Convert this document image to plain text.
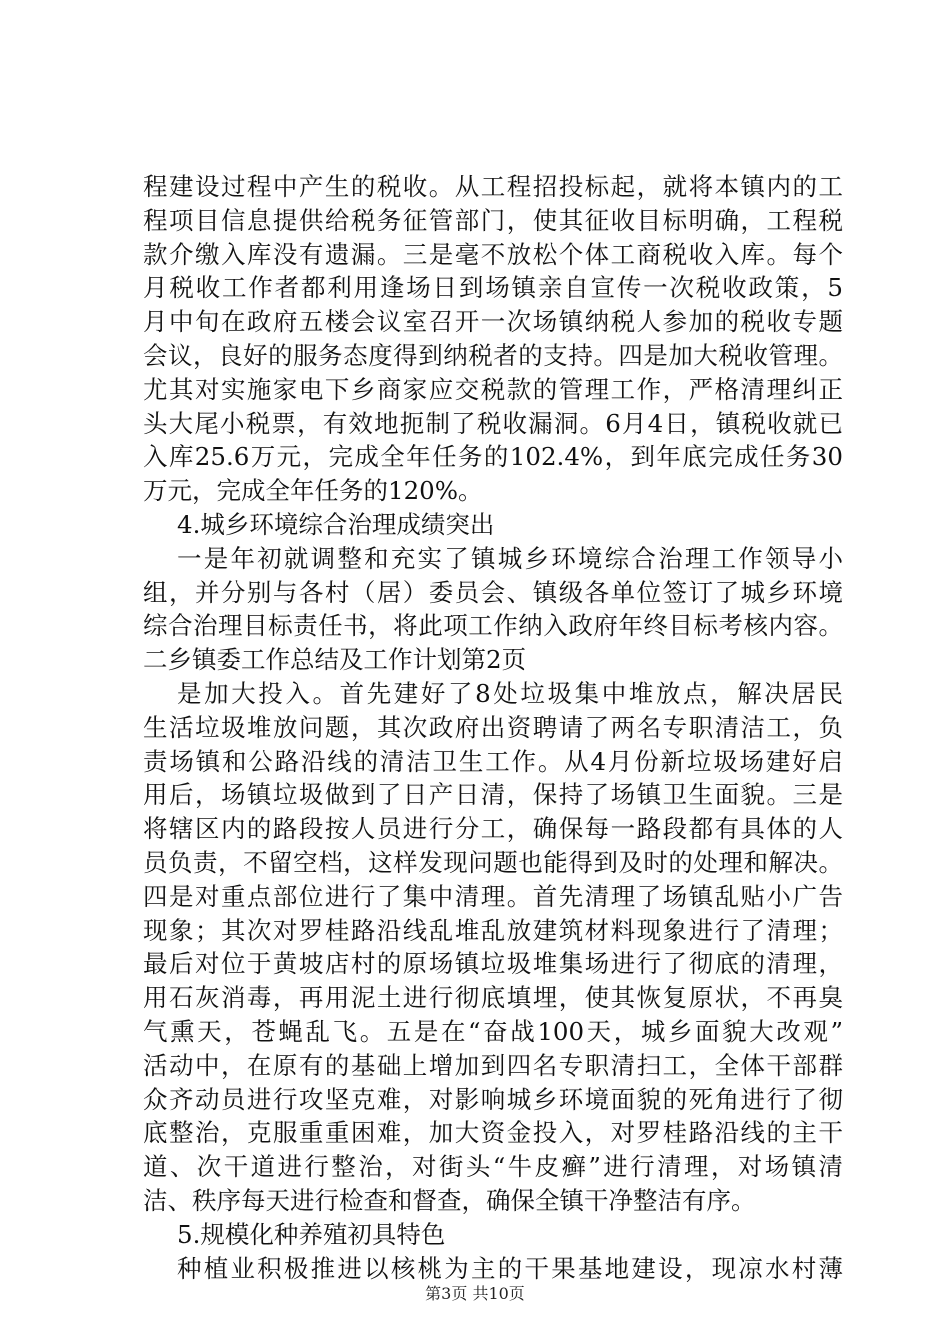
程建设过程中产生的税收。从工程招投标起，就将本镇内的工
程项目信息提供给税务征管部门，使其征收目标明确，工程税
款介缴入库没有遗漏。三是毫不放松个体工商税收入库。每个
月税收工作者都利用逢场日到场镇亲自宣传一次税收政策，5
月中旬在政府五楼会议室召开一次场镇纳税人参加的税收专题
会议，良好的服务态度得到纳税者的支持。四是加大税收管理。
尤其对实施家电下乡商家应交税款的管理工作，严格清理纠正
头大尾小税票，有效地扼制了税收漏洞。6月4日，镇税收就已
入库25.6万元，完成全年任务的102.4%，到年底完成任务30
万元，完成全年任务的120%。
4.城乡环境综合治理成绩突出
一是年初就调整和充实了镇城乡环境综合治理工作领导小
组，并分别与各村（居）委员会、镇级各单位签订了城乡环境
综合治理目标责任书，将此项工作纳入政府年终目标考核内容。
二乡镇委工作总结及工作计划第2页
是加大投入。首先建好了8处垃圾集中堆放点，解决居民
生活垃圾堆放问题，其次政府出资聘请了两名专职清洁工，负
责场镇和公路沿线的清洁卫生工作。从4月份新垃圾场建好启
用后，场镇垃圾做到了日产日清，保持了场镇卫生面貌。三是
将辖区内的路段按人员进行分工，确保每一路段都有具体的人
员负责，不留空档，这样发现问题也能得到及时的处理和解决。
四是对重点部位进行了集中清理。首先清理了场镇乱贴小广告
现象；其次对罗桂路沿线乱堆乱放建筑材料现象进行了清理；
最后对位于黄坡店村的原场镇垃圾堆集场进行了彻底的清理，
用石灰消毒，再用泥土进行彻底填埋，使其恢复原状，不再臭
气熏天，苍蝇乱飞。五是在“奋战100天，城乡面貌大改观”
活动中，在原有的基础上增加到四名专职清扫工，全体干部群
众齐动员进行攻坚克难，对影响城乡环境面貌的死角进行了彻
底整治，克服重重困难，加大资金投入，对罗桂路沿线的主干
道、次干道进行整治，对街头“牛皮癣”进行清理，对场镇清
洁、秩序每天进行检查和督查，确保全镇干净整洁有序。
5.规模化种养殖初具特色
种植业积极推进以核桃为主的干果基地建设，现凉水村薄
第3页 共10页
